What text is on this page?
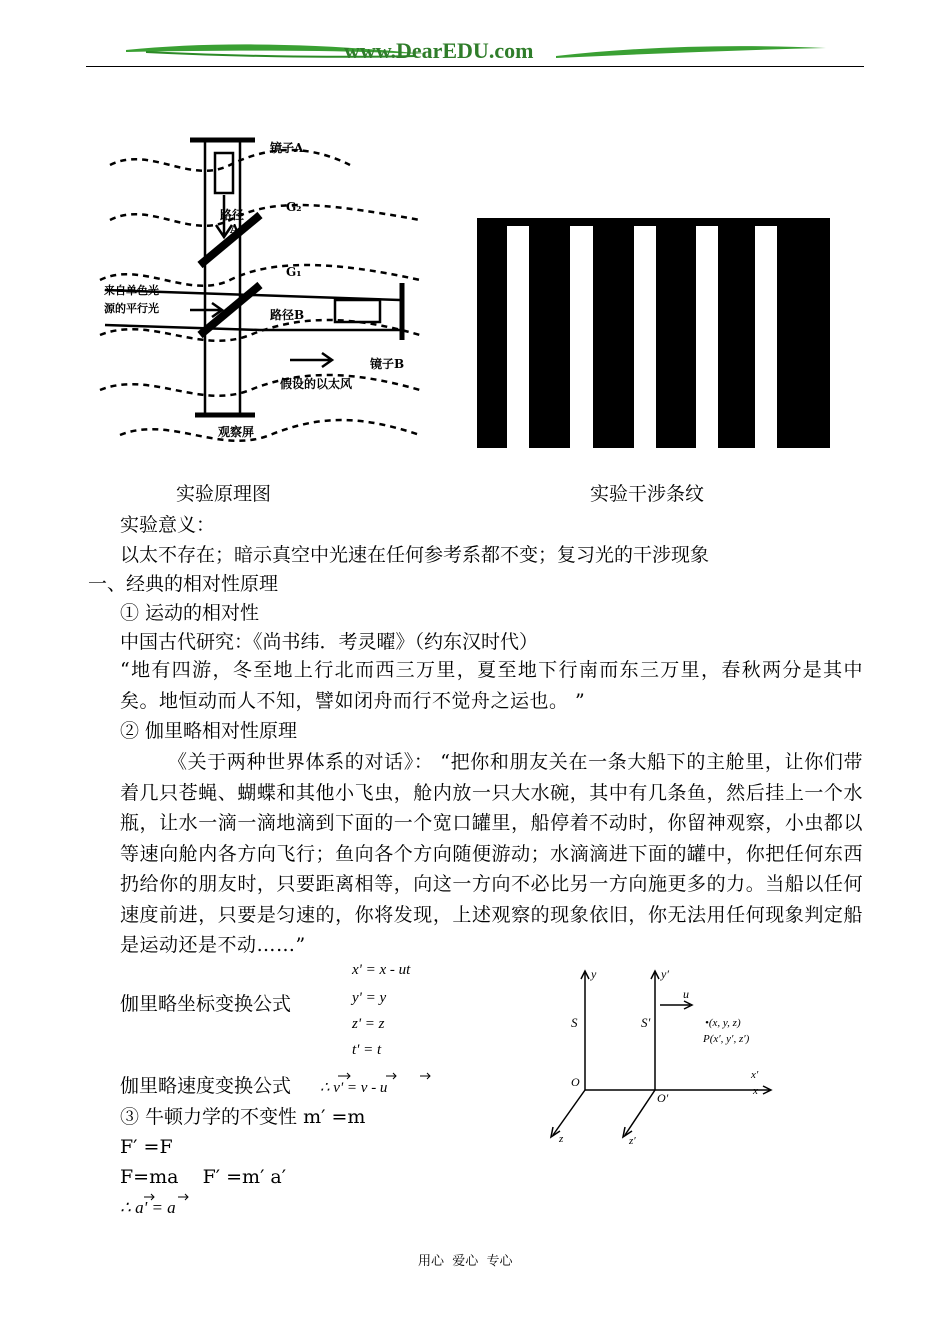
www.DearEDU.com
镜子A
G₂
路径
A
G₁
来自单色光
源的平行光	路径B
镜子B
假设的以太风
观察屏
实验原理图	实验干涉条纹
实验意义：
以太不存在；暗示真空中光速在任何参考系都不变；复习光的干涉现象
一、经典的相对性原理
① 运动的相对性
中国古代研究：《尚书纬．考灵曜》（约东汉时代）
“地有四游，冬至地上行北而西三万里，夏至地下行南而东三万里，春秋两分是其中矣。地恒动而人不知，譬如闭舟而行不觉舟之运也。 ”
② 伽里略相对性原理
《关于两种世界体系的对话》： “把你和朋友关在一条大船下的主舱里，让你们带着几只苍蝇、蝴蝶和其他小飞虫，舱内放一只大水碗，其中有几条鱼，然后挂上一个水瓶，让水一滴一滴地滴到下面的一个宽口罐里，船停着不动时，你留神观察，小虫都以等速向舱内各方向飞行；鱼向各个方向随便游动；水滴滴进下面的罐中，你把任何东西扔给你的朋友时，只要距离相等，向这一方向不必比另一方向施更多的力。当船以任何速度前进，只要是匀速的，你将发现，上述观察的现象依旧，你无法用任何现象判定船是运动还是不动……”
伽里略坐标变换公式
x' = x - ut
y' = y
z' = z
t' = t
伽里略速度变换公式 ∴ v' = v - u
③ 牛顿力学的不变性 m′ =m
F′ =F
F=ma    F′ =m′ a′
∴ a' = a
y	y′
S	S′
u
•(x, y, z)
P(x′, y′, z′)
O
O′
x′
x
z	z′
用心  爱心  专心
